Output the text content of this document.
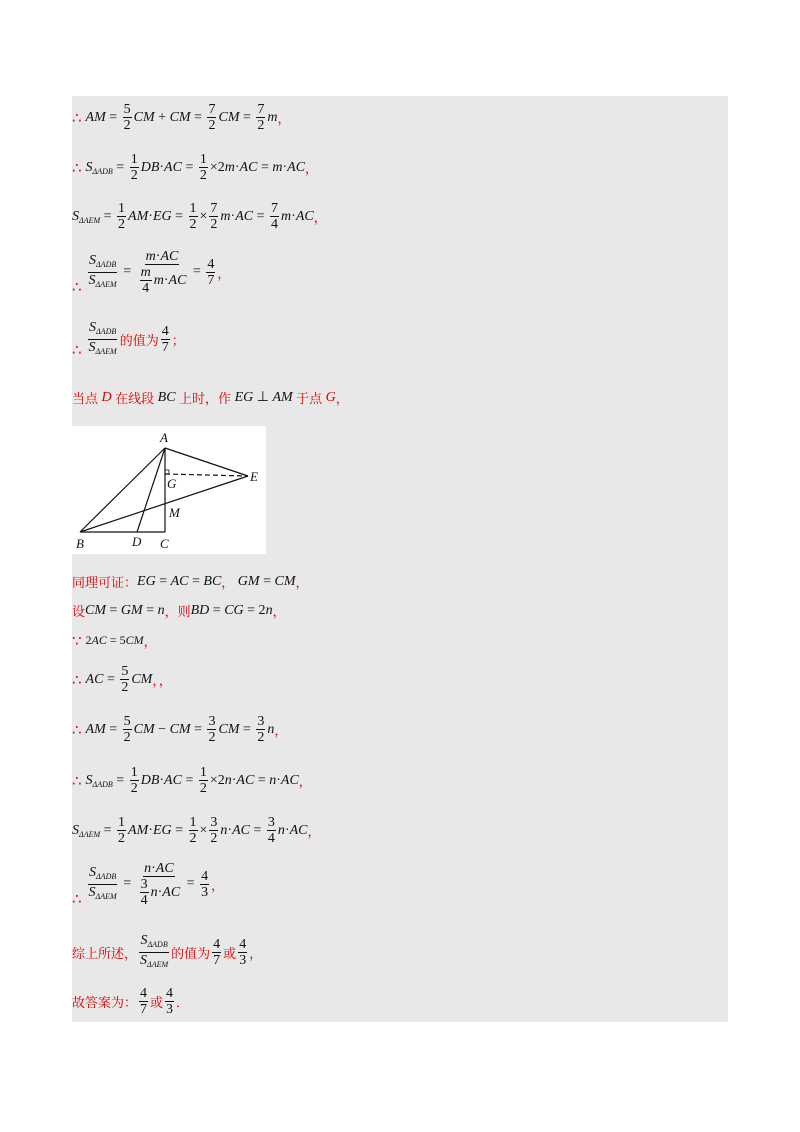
∴ AM = $\frac{5}{2}$ CM + CM = $\frac{7}{2}$ CM = $\frac{7}{2}$ m ，
∴ $S_{\Delta ADB} = \frac{1}{2}$ DB · AC = $\frac{1}{2} \times 2$ m · AC = m · AC ，
$S_{\Delta AEM} = \frac{1}{2}$ AM · EG = $\frac{1}{2} \times \frac{7}{2}$ m · AC = $\frac{7}{4}$ m · AC ，
∴ $\frac{S_{\Delta ADB}}{S_{\Delta AEM}} = \frac{m\cdot AC}{\frac{m}{4} m \cdot AC} = \frac{4}{7}$ ，
∴ $\frac{S_{\Delta ADB}}{S_{\Delta AEM}}$ 的值为 $\frac{4}{7}$ ；
当点 D 在线段 BC 上时，作 EG ⊥ AM 于点 G ，
A
B	C
D
E
G
M
同理可证： EG = AC = BC ， GM = CM ，
设 CM = GM = n ，则 BD = CG = 2 n ，
∵ 2 AC = 5 CM ，
∴ AC = $\frac{5}{2}$ CM ，，
∴ AM = $\frac{5}{2}$ CM − CM = $\frac{3}{2}$ CM = $\frac{3}{2}$ n ，
∴ $S_{\Delta ADB} = \frac{1}{2}$ DB · AC = $\frac{1}{2} \times 2$ n · AC = n · AC ，
$S_{\Delta AEM} = \frac{1}{2}$ AM · EG = $\frac{1}{2} \times \frac{3}{2}$ n · AC = $\frac{3}{4}$ n · AC ，
∴ $\frac{S_{\Delta ADB}}{S_{\Delta AEM}} = \frac{n\cdot AC}{\frac{3}{4} n \cdot AC} = \frac{4}{3}$ ，
综上所述， $\frac{S_{\Delta ADB}}{S_{\Delta AEM}}$ 的值为 $\frac{4}{7}$ 或 $\frac{4}{3}$ ，
故答案为： $\frac{4}{7}$ 或 $\frac{4}{3}$ ．
